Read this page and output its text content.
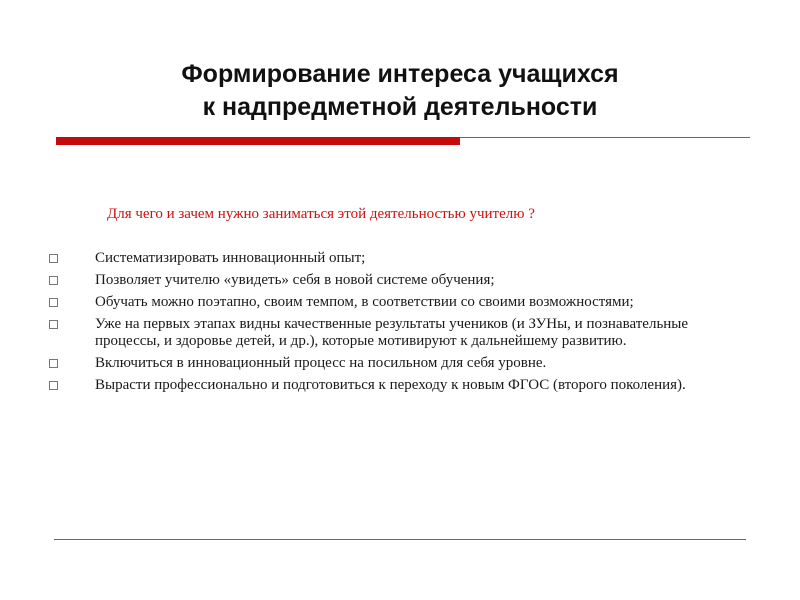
Формирование интереса учащихся
к надпредметной деятельности
Для чего и зачем нужно заниматься этой деятельностью учителю ?
Систематизировать инновационный опыт;
Позволяет учителю «увидеть» себя в новой системе обучения;
Обучать можно поэтапно, своим темпом, в соответствии со своими возможностями;
Уже на первых этапах видны качественные результаты учеников (и ЗУНы, и познавательные процессы, и здоровье детей, и др.), которые мотивируют к дальнейшему развитию.
Включиться в инновационный процесс на посильном для себя уровне.
Вырасти профессионально и подготовиться к переходу к новым ФГОС (второго поколения).
